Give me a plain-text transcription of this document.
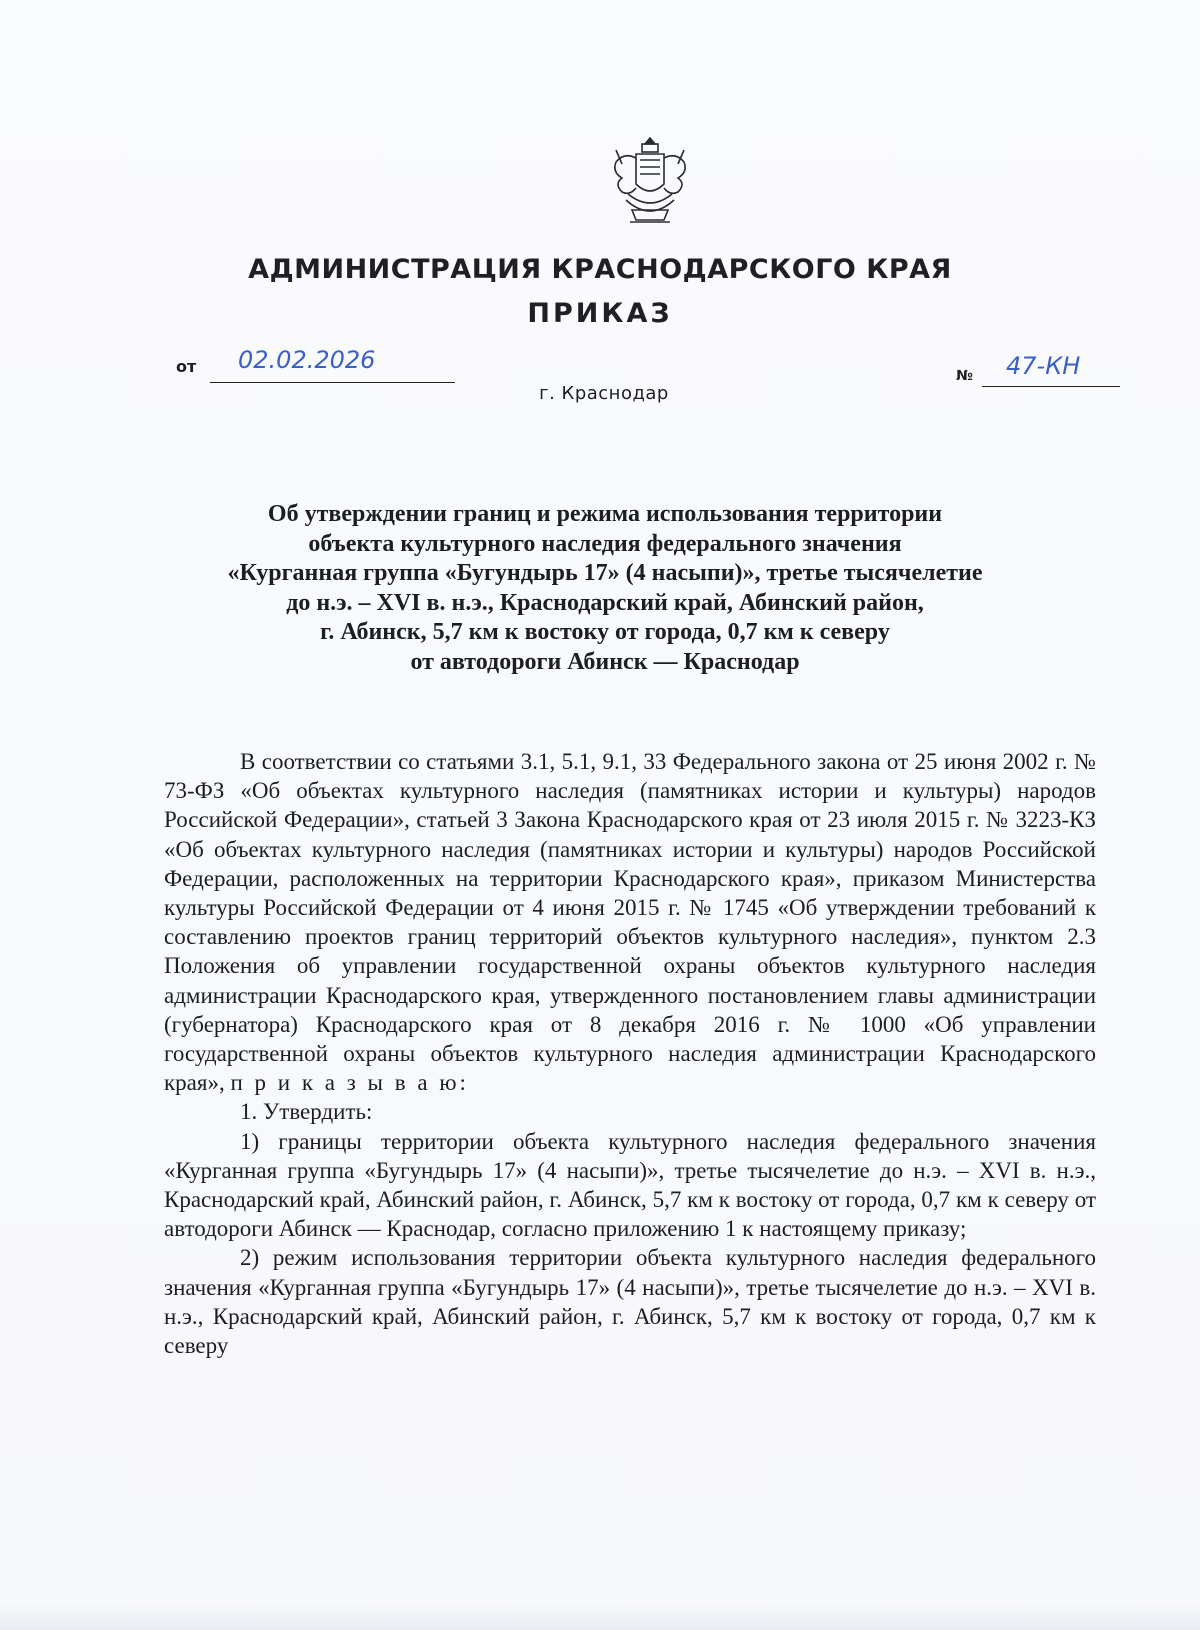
АДМИНИСТРАЦИЯ КРАСНОДАРСКОГО КРАЯ
ПРИКАЗ
от 02.02.2026
№ 47-КН
г. Краснодар
Об утверждении границ и режима использования территории
объекта культурного наследия федерального значения
«Курганная группа «Бугундырь 17» (4 насыпи)», третье тысячелетие
до н.э. – XVI в. н.э., Краснодарский край, Абинский район,
г. Абинск, 5,7 км к востоку от города, 0,7 км к северу
от автодороги Абинск — Краснодар

В соответствии со статьями 3.1, 5.1, 9.1, 33 Федерального закона от 25 июня 2002 г. № 73-ФЗ «Об объектах культурного наследия (памятниках истории и культуры) народов Российской Федерации», статьей 3 Закона Краснодарского края от 23 июля 2015 г. № 3223-КЗ «Об объектах культурного наследия (памятниках истории и культуры) народов Российской Федерации, расположенных на территории Краснодарского края», приказом Министерства культуры Российской Федерации от 4 июня 2015 г. № 1745 «Об утверждении требований к составлению проектов границ территорий объектов культурного наследия», пунктом 2.3 Положения об управлении государственной охраны объектов культурного наследия администрации Краснодарского края, утвержденного постановлением главы администрации (губернатора) Краснодарского края от 8 декабря 2016 г. № 1000 «Об управлении государственной охраны объектов культурного наследия администрации Краснодарского края», п р и к а з ы в а ю:

1. Утвердить:

1) границы территории объекта культурного наследия федерального значения «Курганная группа «Бугундырь 17» (4 насыпи)», третье тысячелетие до н.э. – XVI в. н.э., Краснодарский край, Абинский район, г. Абинск, 5,7 км к востоку от города, 0,7 км к северу от автодороги Абинск — Краснодар, согласно приложению 1 к настоящему приказу;

2) режим использования территории объекта культурного наследия федерального значения «Курганная группа «Бугундырь 17» (4 насыпи)», третье тысячелетие до н.э. – XVI в. н.э., Краснодарский край, Абинский район, г. Абинск, 5,7 км к востоку от города, 0,7 км к северу
